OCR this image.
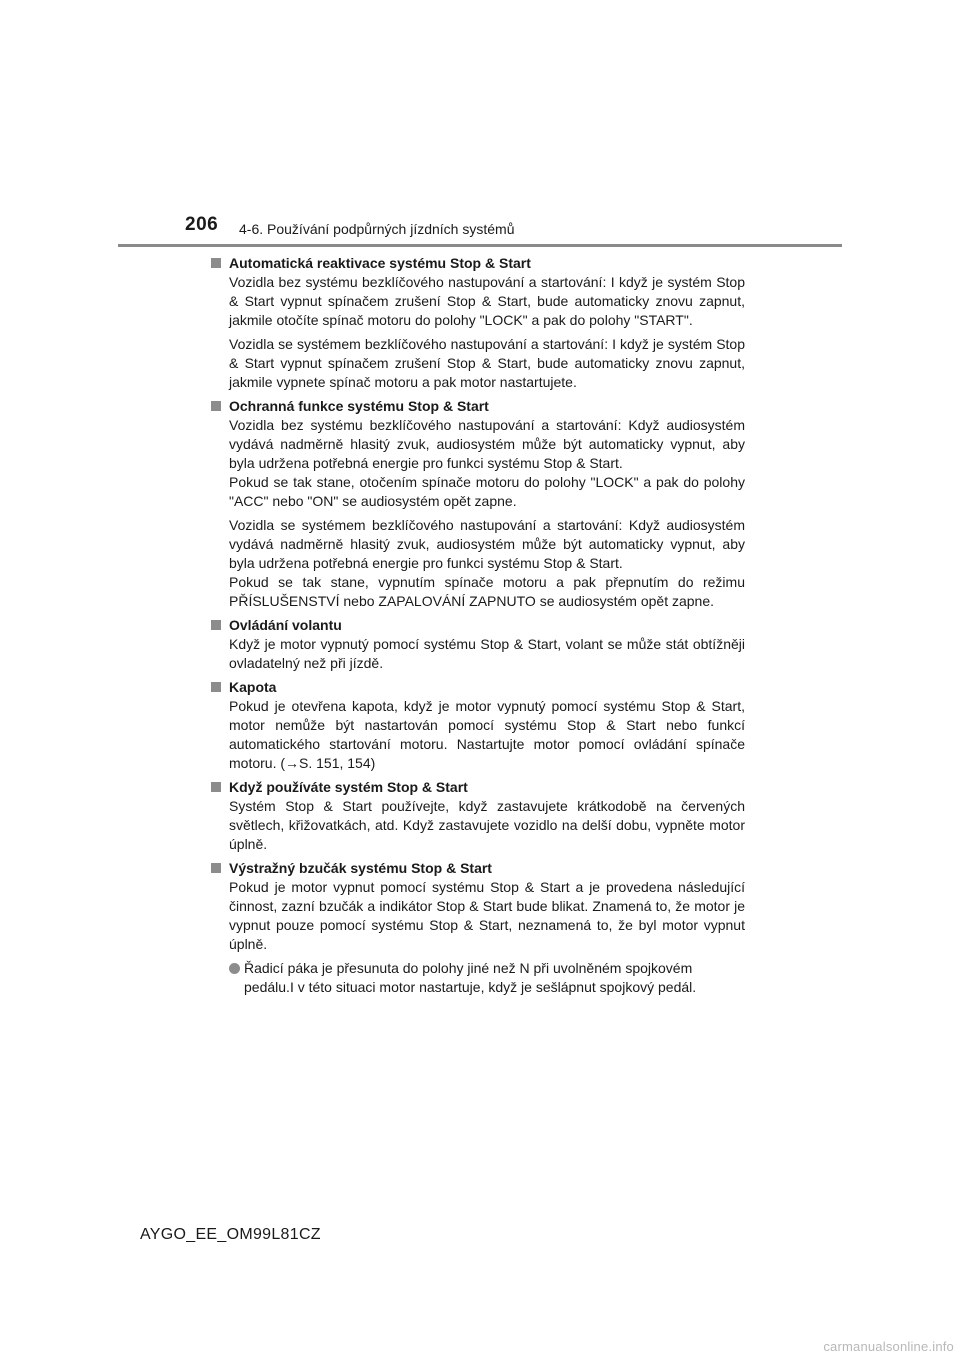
206 4-6. Používání podpůrných jízdních systémů
Automatická reaktivace systému Stop & Start
Vozidla bez systému bezklíčového nastupování a startování: I když je systém Stop & Start vypnut spínačem zrušení Stop & Start, bude automaticky znovu zapnut, jakmile otočíte spínač motoru do polohy "LOCK" a pak do polohy "START".
Vozidla se systémem bezklíčového nastupování a startování: I když je systém Stop & Start vypnut spínačem zrušení Stop & Start, bude automaticky znovu zapnut, jakmile vypnete spínač motoru a pak motor nastartujete.
Ochranná funkce systému Stop & Start
Vozidla bez systému bezklíčového nastupování a startování: Když audiosystém vydává nadměrně hlasitý zvuk, audiosystém může být automaticky vypnut, aby byla udržena potřebná energie pro funkci systému Stop & Start.
Pokud se tak stane, otočením spínače motoru do polohy "LOCK" a pak do polohy "ACC" nebo "ON" se audiosystém opět zapne.
Vozidla se systémem bezklíčového nastupování a startování: Když audiosystém vydává nadměrně hlasitý zvuk, audiosystém může být automaticky vypnut, aby byla udržena potřebná energie pro funkci systému Stop & Start.
Pokud se tak stane, vypnutím spínače motoru a pak přepnutím do režimu PŘÍSLUŠENSTVÍ nebo ZAPALOVÁNÍ ZAPNUTO se audiosystém opět zapne.
Ovládání volantu
Když je motor vypnutý pomocí systému Stop & Start, volant se může stát obtížněji ovladatelný než při jízdě.
Kapota
Pokud je otevřena kapota, když je motor vypnutý pomocí systému Stop & Start, motor nemůže být nastartován pomocí systému Stop & Start nebo funkcí automatického startování motoru. Nastartujte motor pomocí ovládání spínače motoru. (→S. 151, 154)
Když používáte systém Stop & Start
Systém Stop & Start používejte, když zastavujete krátkodobě na červených světlech, křižovatkách, atd. Když zastavujete vozidlo na delší dobu, vypněte motor úplně.
Výstražný bzučák systému Stop & Start
Pokud je motor vypnut pomocí systému Stop & Start a je provedena následující činnost, zazní bzučák a indikátor Stop & Start bude blikat. Znamená to, že motor je vypnut pouze pomocí systému Stop & Start, neznamená to, že byl motor vypnut úplně.
Řadicí páka je přesunuta do polohy jiné než N při uvolněném spojkovém pedálu.I v této situaci motor nastartuje, když je sešlápnut spojkový pedál.
AYGO_EE_OM99L81CZ
carmanualsonline.info
